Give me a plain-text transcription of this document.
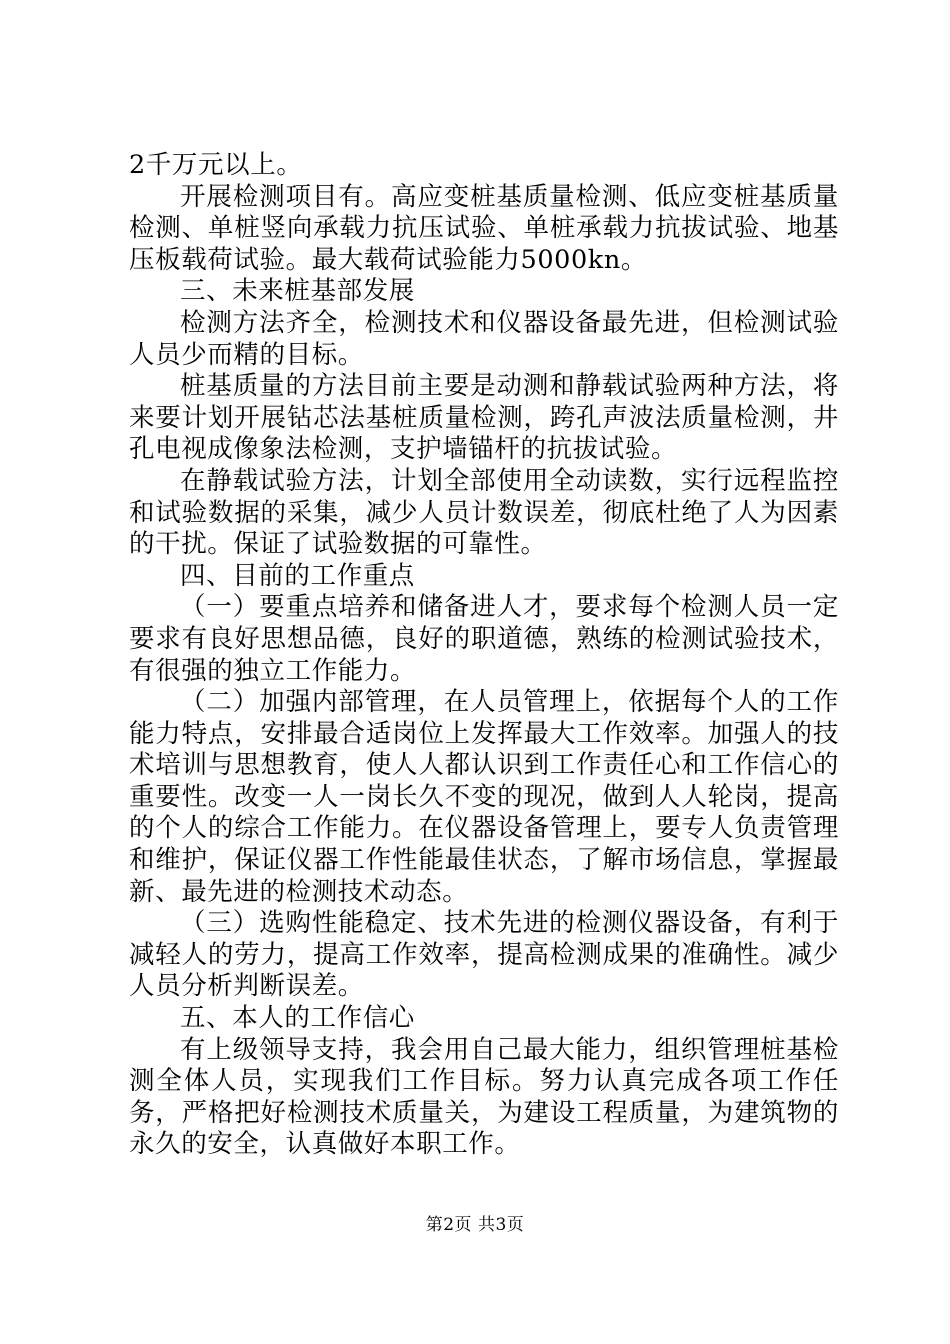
2千万元以上。

开展检测项目有。高应变桩基质量检测、低应变桩基质量检测、单桩竖向承载力抗压试验、单桩承载力抗拔试验、地基压板载荷试验。最大载荷试验能力5000kn。

三、未来桩基部发展

检测方法齐全，检测技术和仪器设备最先进，但检测试验人员少而精的目标。

桩基质量的方法目前主要是动测和静载试验两种方法，将来要计划开展钻芯法基桩质量检测，跨孔声波法质量检测，井孔电视成像象法检测，支护墙锚杆的抗拔试验。

在静载试验方法，计划全部使用全动读数，实行远程监控和试验数据的采集，减少人员计数误差，彻底杜绝了人为因素的干扰。保证了试验数据的可靠性。

四、目前的工作重点

（一）要重点培养和储备进人才，要求每个检测人员一定要求有良好思想品德，良好的职道德，熟练的检测试验技术，有很强的独立工作能力。

（二）加强内部管理，在人员管理上，依据每个人的工作能力特点，安排最合适岗位上发挥最大工作效率。加强人的技术培训与思想教育，使人人都认识到工作责任心和工作信心的重要性。改变一人一岗长久不变的现况，做到人人轮岗，提高的个人的综合工作能力。在仪器设备管理上，要专人负责管理和维护，保证仪器工作性能最佳状态，了解市场信息，掌握最新、最先进的检测技术动态。

（三）选购性能稳定、技术先进的检测仪器设备，有利于减轻人的劳力，提高工作效率，提高检测成果的准确性。减少人员分析判断误差。

五、本人的工作信心

有上级领导支持，我会用自己最大能力，组织管理桩基检测全体人员，实现我们工作目标。努力认真完成各项工作任务，严格把好检测技术质量关，为建设工程质量，为建筑物的永久的安全，认真做好本职工作。

第2页 共3页
